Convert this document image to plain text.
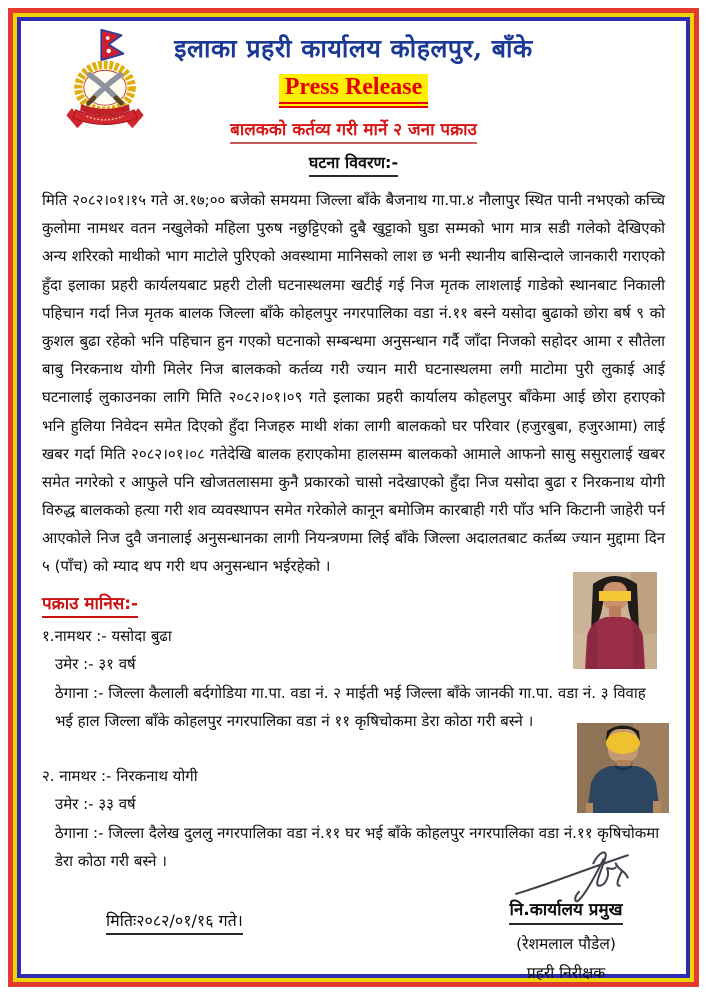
इलाका प्रहरी कार्यालय कोहलपुर, बाँके
Press Release
बालकको कर्तव्य गरी मार्ने २ जना पक्राउ
घटना विवरण:-

मिति २०८२।०१।१५ गते अ.१७;०० बजेको समयमा जिल्ला बाँके बैजनाथ गा.पा.४ नौलापुर स्थित पानी नभएको कच्चि कुलोमा नामथर वतन नखुलेको महिला पुरुष नछुट्टिएको दुबै खुट्टाको घुडा सम्मको भाग मात्र सडी गलेको देखिएको अन्य शरिरको माथीको भाग माटोले पुरिएको अवस्थामा मानिसको लाश छ भनी स्थानीय बासिन्दाले जानकारी गराएको हुँदा इलाका प्रहरी कार्यलयबाट प्रहरी टोली घटनास्थलमा खटीई गई निज मृतक लाशलाई गाडेको स्थानबाट निकाली पहिचान गर्दा निज मृतक बालक जिल्ला बाँके कोहलपुर नगरपालिका वडा नं.११ बस्ने यसोदा बुढाको छोरा बर्ष ९ को कुशल बुढा रहेको भनि पहिचान हुन गएको घटनाको सम्बन्धमा अनुसन्धान गर्दै जाँदा निजको सहोदर आमा र सौतेला बाबु निरकनाथ योगी मिलेर निज बालकको कर्तव्य गरी ज्यान मारी घटनास्थलमा लगी माटोमा पुरी लुकाई आई घटनालाई लुकाउनका लागि मिति २०८२।०१।०९ गते इलाका प्रहरी कार्यालय कोहलपुर बाँकेमा आई छोरा हराएको भनि हुलिया निवेदन समेत दिएको हुँदा निजहरु माथी शंका लागी बालकको घर परिवार (हजुरबुबा, हजुरआमा) लाई खबर गर्दा मिति २०८२।०१।०८ गतेदेखि बालक हराएकोमा हालसम्म बालकको आमाले आफनो सासु ससुरालाई खबर समेत नगरेको र आफुले पनि खोजतलासमा कुनै प्रकारको चासो नदेखाएको हुँदा निज यसोदा बुढा र निरकनाथ योगी विरुद्ध बालकको हत्या गरी शव व्यवस्थापन समेत गरेकोले कानून बमोजिम कारबाही गरी पाँउ भनि किटानी जाहेरी पर्न आएकोले निज दुवै जनालाई अनुसन्धानका लागी नियन्त्रणमा लिई बाँके जिल्ला अदालतबाट कर्तब्य ज्यान मुद्दामा दिन ५ (पाँच) को म्याद थप गरी थप अनुसन्धान भईरहेको ।

पक्राउ मानिस:-
१.नामथर :- यसोदा बुढा
उमेर :- ३१ वर्ष
ठेगाना :- जिल्ला कैलाली बर्दगोडिया गा.पा. वडा नं. २ माईती भई जिल्ला बाँके जानकी गा.पा. वडा नं. ३ विवाह भई हाल जिल्ला बाँके कोहलपुर नगरपालिका वडा नं ११ कृषिचोकमा डेरा कोठा गरी बस्ने ।
२. नामथर :- निरकनाथ योगी
उमेर :- ३३ वर्ष
ठेगाना :- जिल्ला दैलेख दुललु नगरपालिका वडा नं.११ घर भई बाँके कोहलपुर नगरपालिका वडा नं.११ कृषिचोकमा डेरा कोठा गरी बस्ने ।
नि.कार्यालय प्रमुख
(रेशमलाल पौडेल)
प्रहरी निरीक्षक
मितिः२०८२/०१/१६ गते।
